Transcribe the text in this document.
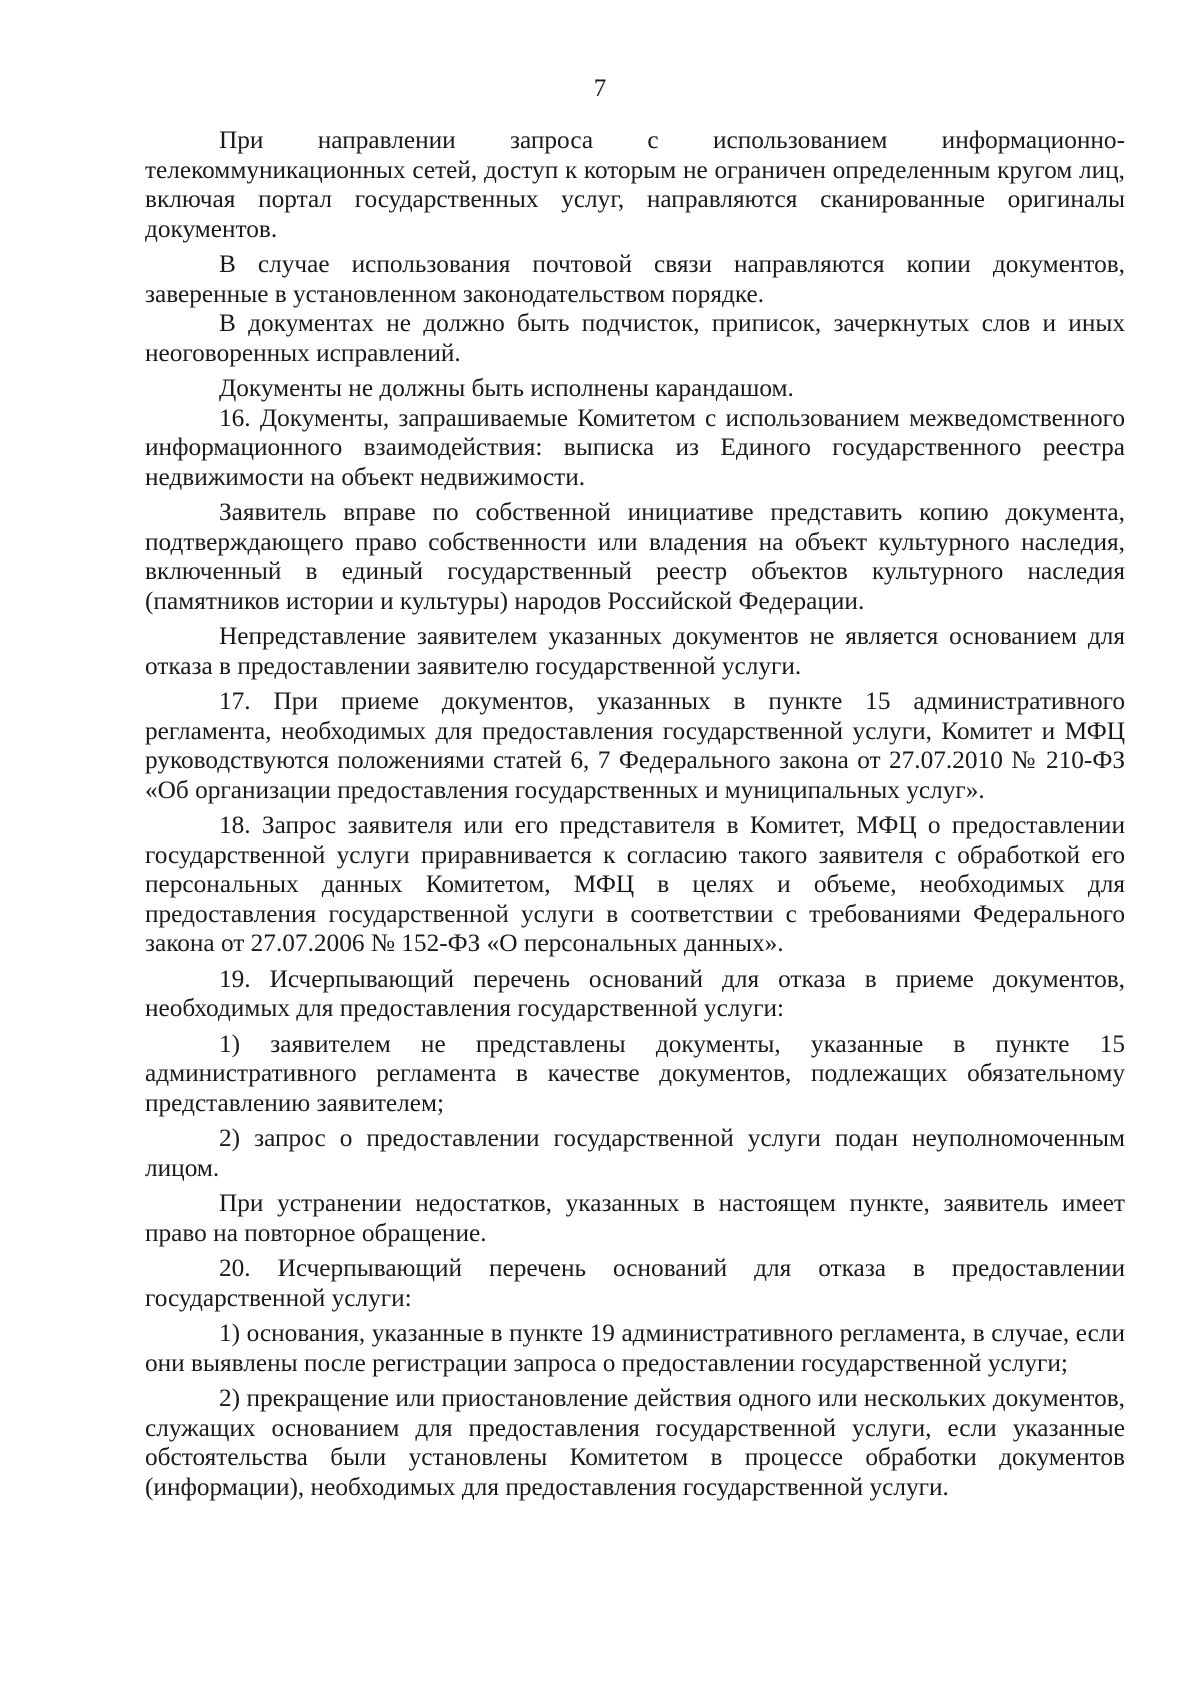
7

При направлении запроса с использованием информационно-телекоммуникационных сетей, доступ к которым не ограничен определенным кругом лиц, включая портал государственных услуг, направляются сканированные оригиналы документов.

В случае использования почтовой связи направляются копии документов, заверенные в установленном законодательством порядке.

В документах не должно быть подчисток, приписок, зачеркнутых слов и иных неоговоренных исправлений.

Документы не должны быть исполнены карандашом.

16. Документы, запрашиваемые Комитетом с использованием межведомственного информационного взаимодействия: выписка из Единого государственного реестра недвижимости на объект недвижимости.

Заявитель вправе по собственной инициативе представить копию документа, подтверждающего право собственности или владения на объект культурного наследия, включенный в единый государственный реестр объектов культурного наследия (памятников истории и культуры) народов Российской Федерации.

Непредставление заявителем указанных документов не является основанием для отказа в предоставлении заявителю государственной услуги.

17. При приеме документов, указанных в пункте 15 административного регламента, необходимых для предоставления государственной услуги, Комитет и МФЦ руководствуются положениями статей 6, 7 Федерального закона от 27.07.2010 № 210-ФЗ «Об организации предоставления государственных и муниципальных услуг».

18. Запрос заявителя или его представителя в Комитет, МФЦ о предоставлении государственной услуги приравнивается к согласию такого заявителя с обработкой его персональных данных Комитетом, МФЦ в целях и объеме, необходимых для предоставления государственной услуги в соответствии с требованиями Федерального закона от 27.07.2006 № 152-ФЗ «О персональных данных».

19. Исчерпывающий перечень оснований для отказа в приеме документов, необходимых для предоставления государственной услуги:

1) заявителем не представлены документы, указанные в пункте 15 административного регламента в качестве документов, подлежащих обязательному представлению заявителем;

2) запрос о предоставлении государственной услуги подан неуполномоченным лицом.

При устранении недостатков, указанных в настоящем пункте, заявитель имеет право на повторное обращение.

20. Исчерпывающий перечень оснований для отказа в предоставлении государственной услуги:

1) основания, указанные в пункте 19 административного регламента, в случае, если они выявлены после регистрации запроса о предоставлении государственной услуги;

2) прекращение или приостановление действия одного или нескольких документов, служащих основанием для предоставления государственной услуги, если указанные обстоятельства были установлены Комитетом в процессе обработки документов (информации), необходимых для предоставления государственной услуги.
